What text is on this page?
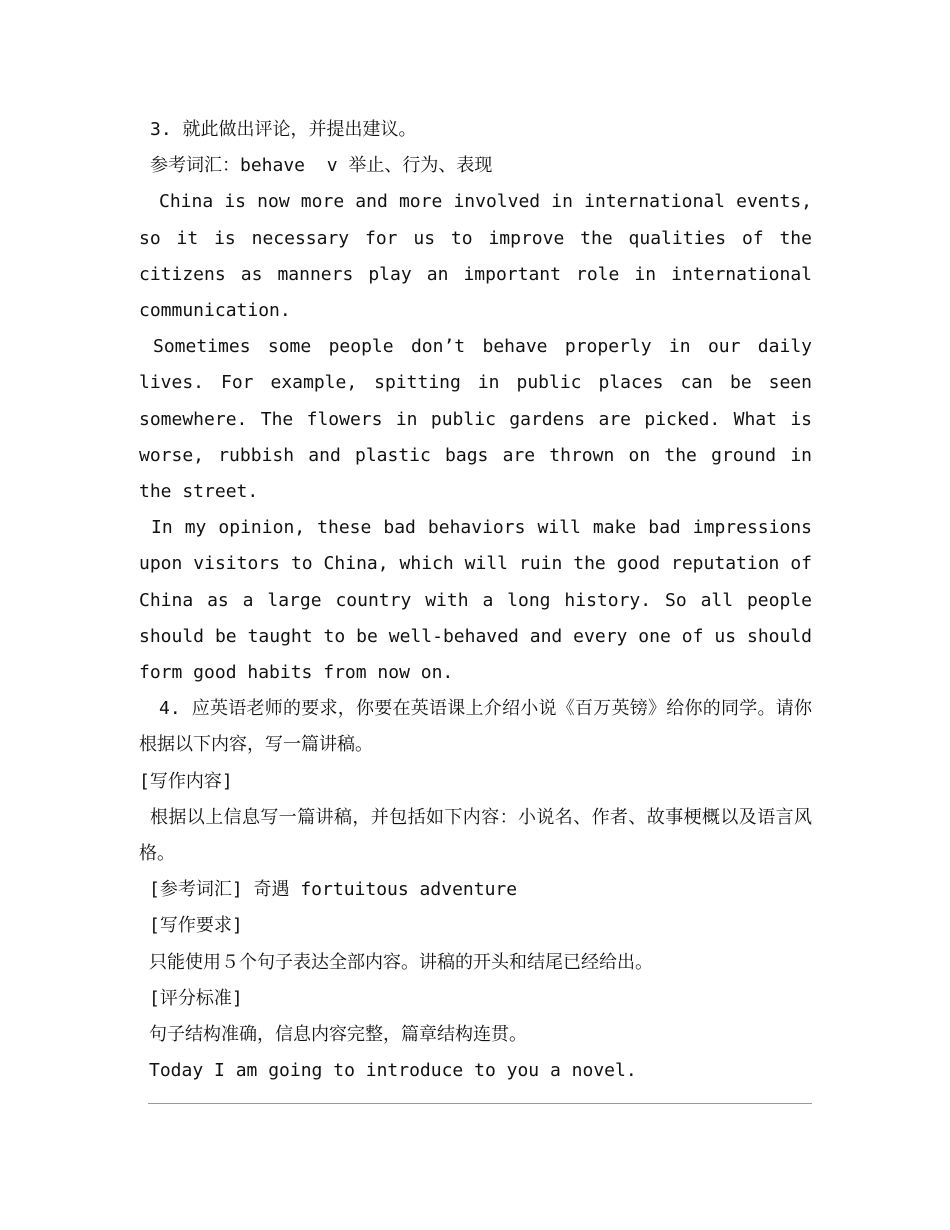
3. 就此做出评论，并提出建议。
参考词汇：behave  v 举止、行为、表现
China is now more and more involved in international events, so it is necessary for us to improve the qualities of the citizens as manners play an important role in international communication.
Sometimes some people don’t behave properly in our daily lives. For example, spitting in public places can be seen somewhere. The flowers in public gardens are picked. What is worse, rubbish and plastic bags are thrown on the ground in the street.
In my opinion, these bad behaviors will make bad impressions upon visitors to China, which will ruin the good reputation of China as a large country with a long history. So all people should be taught to be well-behaved and every one of us should form good habits from now on.
4. 应英语老师的要求，你要在英语课上介绍小说《百万英镑》给你的同学。请你根据以下内容，写一篇讲稿。
[写作内容]
根据以上信息写一篇讲稿，并包括如下内容：小说名、作者、故事梗概以及语言风格。
[参考词汇] 奇遇 fortuitous adventure
[写作要求]
只能使用５个句子表达全部内容。讲稿的开头和结尾已经给出。
[评分标准]
句子结构准确，信息内容完整，篇章结构连贯。
Today I am going to introduce to you a novel.
